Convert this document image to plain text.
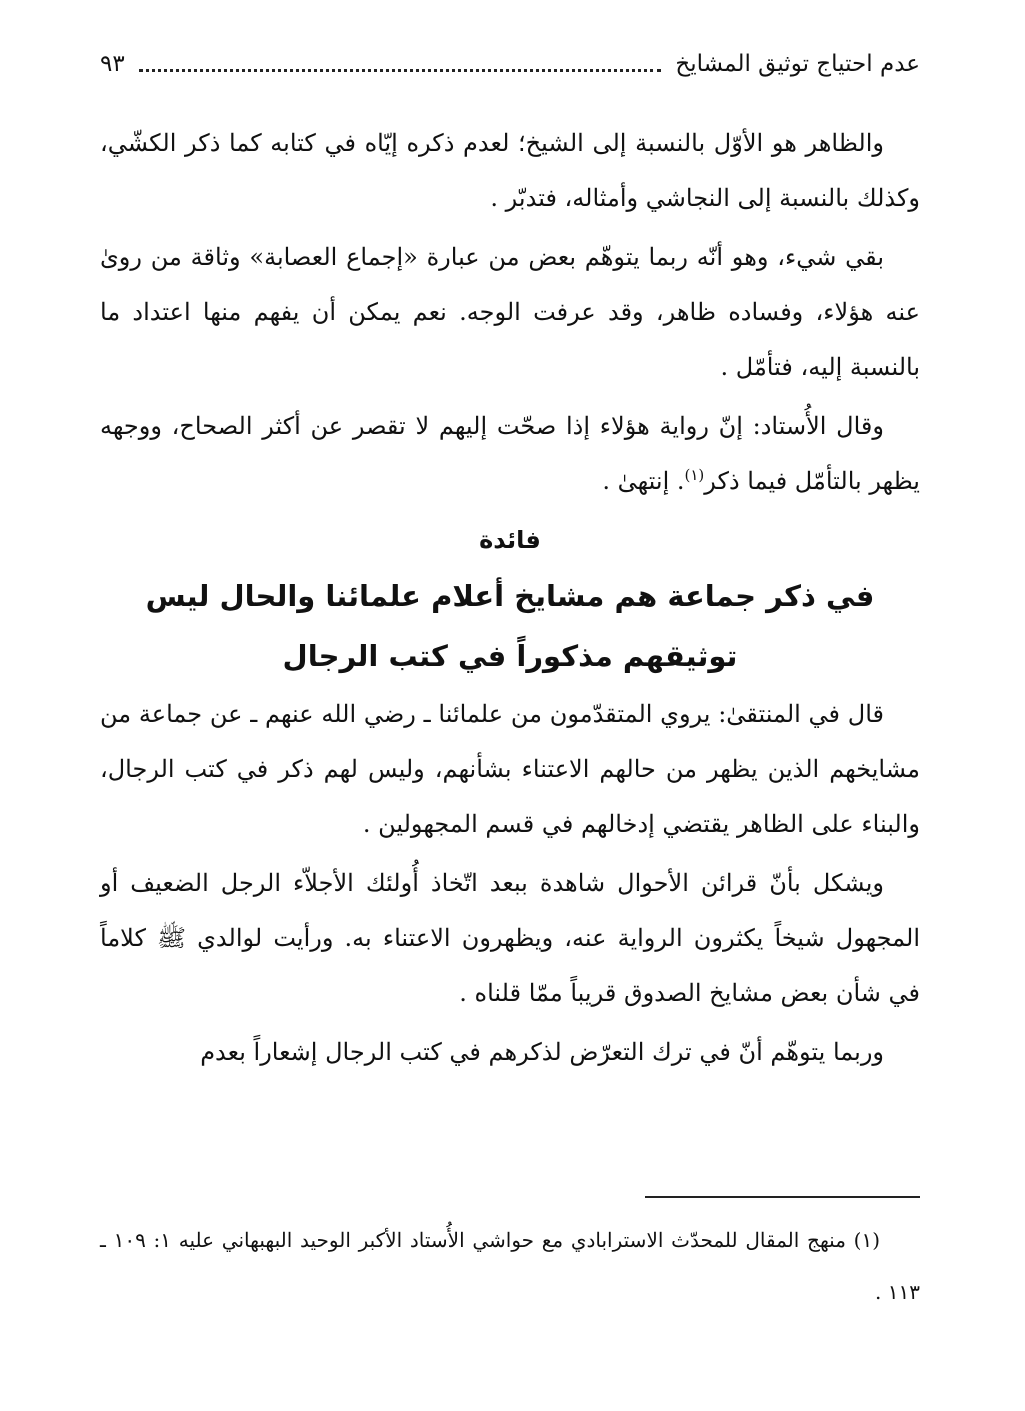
عدم احتياج توثيق المشايخ
٩٣

والظاهر هو الأوّل بالنسبة إلى الشيخ؛ لعدم ذكره إيّاه في كتابه كما ذكر الكشّي، وكذلك بالنسبة إلى النجاشي وأمثاله، فتدبّر .

بقي شيء، وهو أنّه ربما يتوهّم بعض من عبارة «إجماع العصابة» وثاقة من روىٰ عنه هؤلاء، وفساده ظاهر، وقد عرفت الوجه. نعم يمكن أن يفهم منها اعتداد ما بالنسبة إليه، فتأمّل .

وقال الأُستاد: إنّ رواية هؤلاء إذا صحّت إليهم لا تقصر عن أكثر الصحاح، ووجهه يظهر بالتأمّل فيما ذكر$^{(١)}$. إنتهىٰ .

فائدة

في ذكر جماعة هم مشايخ أعلام علمائنا والحال ليس

توثيقهم مذكوراً في كتب الرجال

قال في المنتقىٰ: يروي المتقدّمون من علمائنا ـ رضي الله عنهم ـ عن جماعة من مشايخهم الذين يظهر من حالهم الاعتناء بشأنهم، وليس لهم ذكر في كتب الرجال، والبناء على الظاهر يقتضي إدخالهم في قسم المجهولين .

ويشكل بأنّ قرائن الأحوال شاهدة ببعد اتّخاذ أُولئك الأجلاّء الرجل الضعيف أو المجهول شيخاً يكثرون الرواية عنه، ويظهرون الاعتناء به. ورأيت لوالدي ﷺ كلاماً في شأن بعض مشايخ الصدوق قريباً ممّا قلناه .

وربما يتوهّم أنّ في ترك التعرّض لذكرهم في كتب الرجال إشعاراً بعدم

(١) منهج المقال للمحدّث الاسترابادي مع حواشي الأُستاد الأكبر الوحيد البهبهاني عليه ١: ١٠٩ ـ ١١٣ .
